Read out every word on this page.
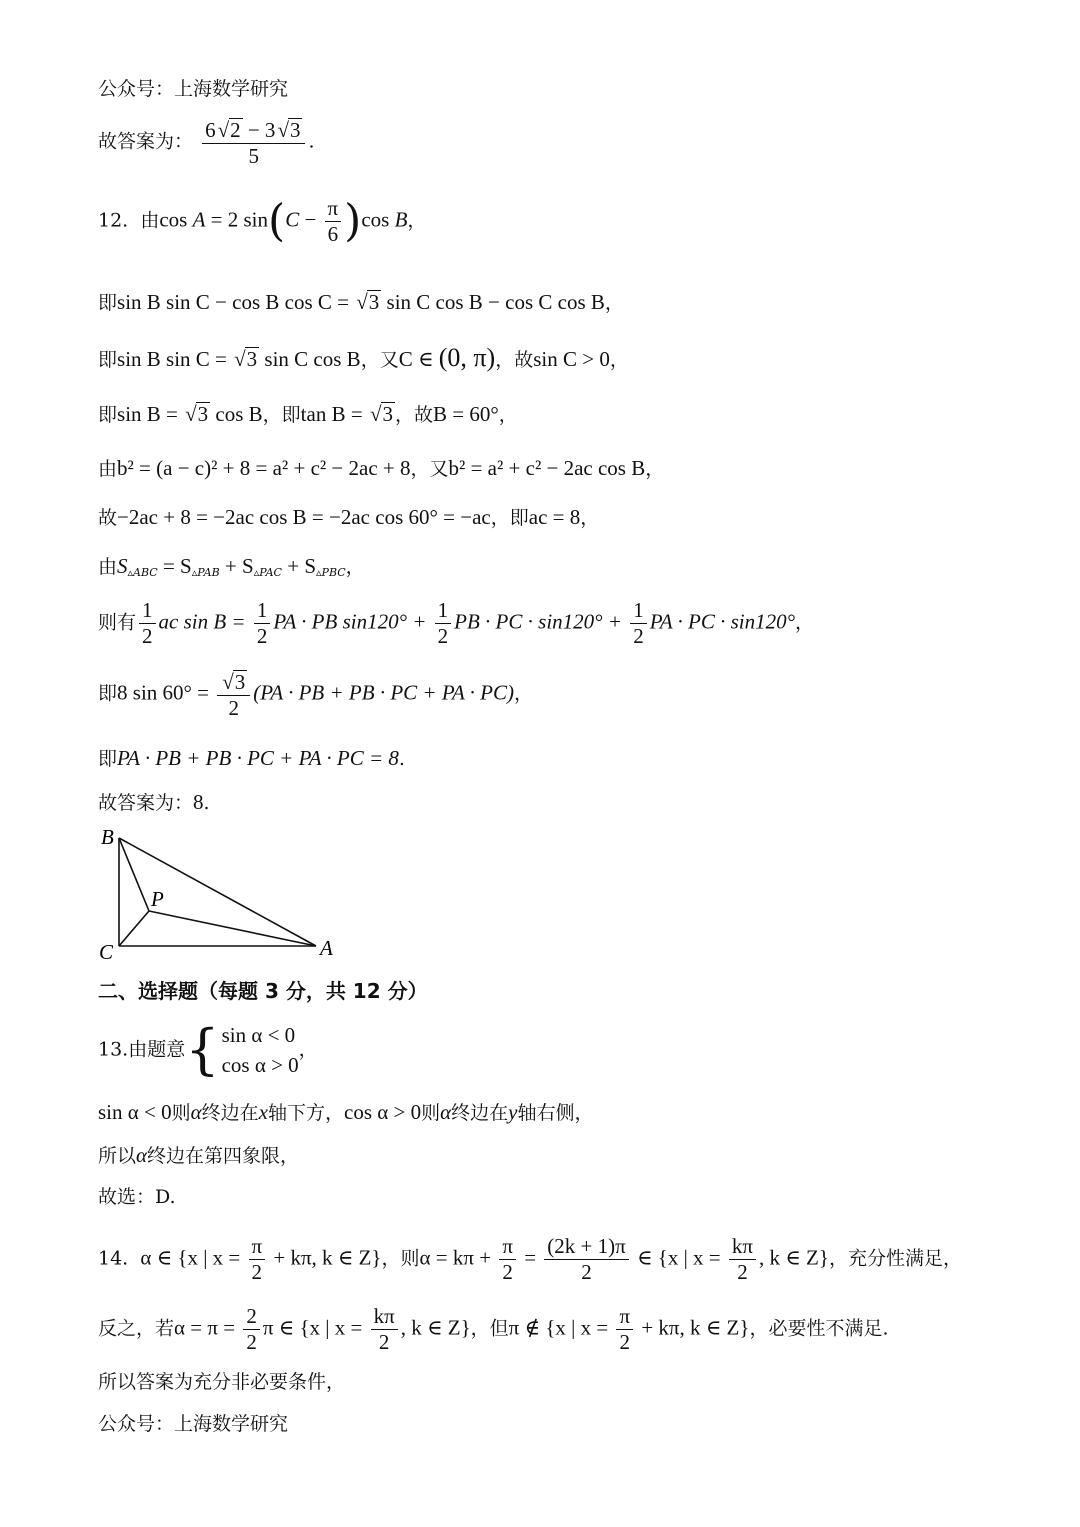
公众号：上海数学研究
故答案为： $\frac{6 √ 2 - 3 √ 3}{5}$ .
12. 由cos A = 2 $\sin(C - \frac{\pi}{6} )\cos$ B，
即sin B sin C − cos B cos C = √ 3 sin C cos B − cos C cos B，
即sin B sin C = √ 3 sin C cos B，又C ∈ (0, π)，故sin C > 0，
即sin B = √ 3 cos B，即tan B = √ 3 ，故B = 60°，
由b² = (a − c)² + 8 = a² + c² − 2ac + 8，又b² = a² + c² − 2ac cos B，
故−2ac + 8 = −2ac cos B = −2ac cos 60° = −ac，即ac = 8，
由$S_{▵ABC} = S_{▵PAB} + S_{▵PAC} + S_{▵PBC}$，
则有 $\frac{1}{2}$ ac $\sin B = \frac{1}{2}$ PA · PB $\sin 120^\circ + \frac{1}{2}$ PB · PC · $\sin 120^\circ + \frac{1}{2}$ PA · PC · sin120°，
即8 sin 60° = √ $\frac{3}{2} (PA$ · PB + PB · PC + PA · PC)，
即PA · PB + PB · PC + PA · PC = 8.
故答案为：8.
B
P
C	A
二、选择题（每题 3 分，共 12 分）
13.由题意{ sin α < 0
cos α > 0
，
sin α < 0则α终边在x轴下方，cos α > 0则α终边在y轴右侧，
所以α终边在第四象限，
故选：D.
14. α ∈ {x | $x = \frac{\pi}{2} + k\pi$, k ∈ Z}，则$\alpha = k\pi + \frac{\pi}{2} = \frac{(2k + 1)\pi}{2}$ ∈ {x | $x = \frac{k\pi}{2}$ , k ∈ Z}，充分性满足，
反之，若$\alpha = \pi = \frac{2}{2}$ π ∈ {x | $x = \frac{k\pi}{2}$ , k ∈ Z}，但π ∉ {x | $x = \frac{\pi}{2} + k\pi$, k ∈ Z}，必要性不满足.
所以答案为充分非必要条件，
公众号：上海数学研究
